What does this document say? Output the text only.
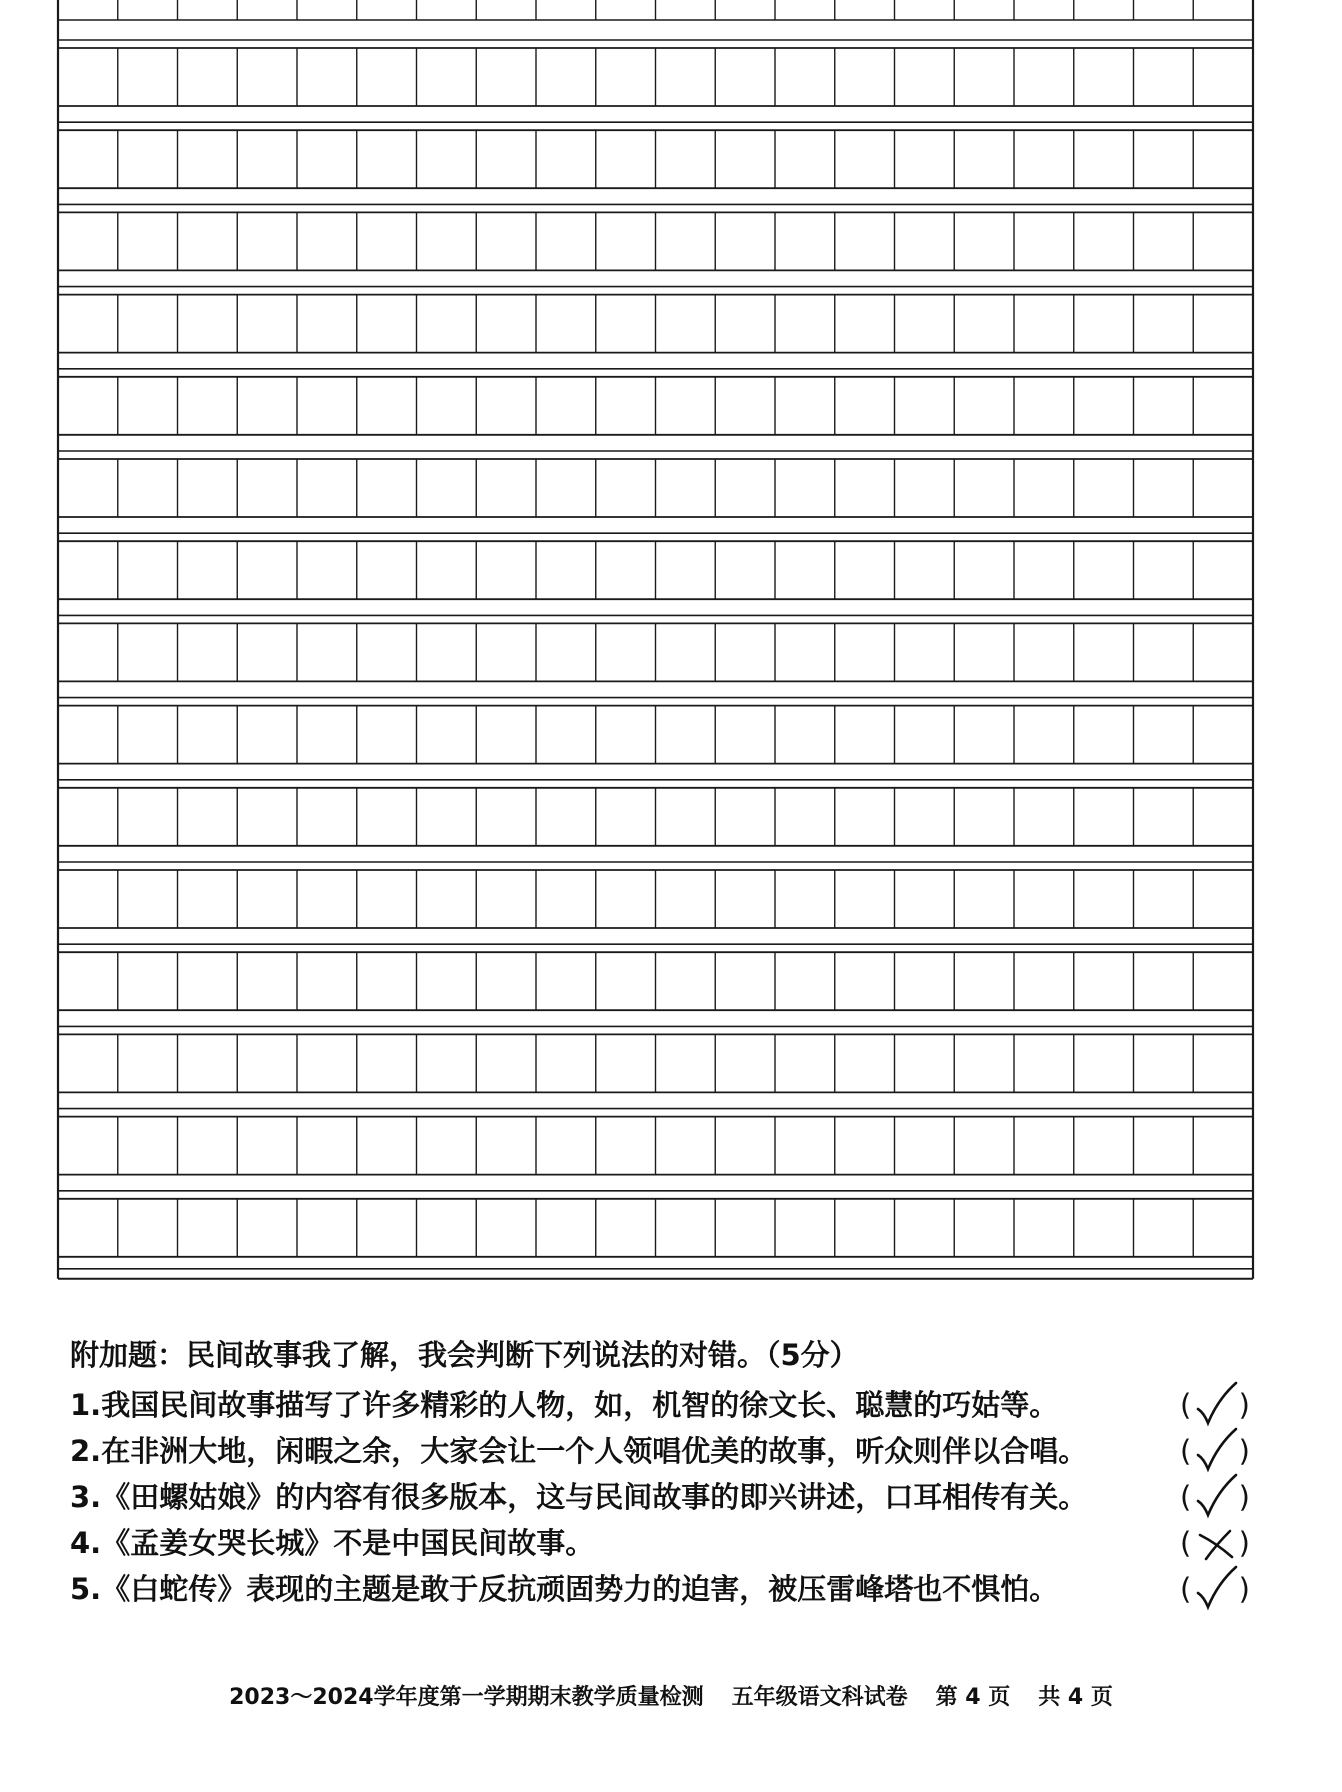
附加题：民间故事我了解，我会判断下列说法的对错。（5分）
1.我国民间故事描写了许多精彩的人物，如，机智的徐文长、聪慧的巧姑等。	( )
2.在非洲大地，闲暇之余，大家会让一个人领唱优美的故事，听众则伴以合唱。	( )
3.《田螺姑娘》的内容有很多版本，这与民间故事的即兴讲述，口耳相传有关。	( )
4.《孟姜女哭长城》不是中国民间故事。	( )
5.《白蛇传》表现的主题是敢于反抗顽固势力的迫害，被压雷峰塔也不惧怕。	( )
2023～2024学年度第一学期期末教学质量检测 五年级语文科试卷 第 4 页 共 4 页
